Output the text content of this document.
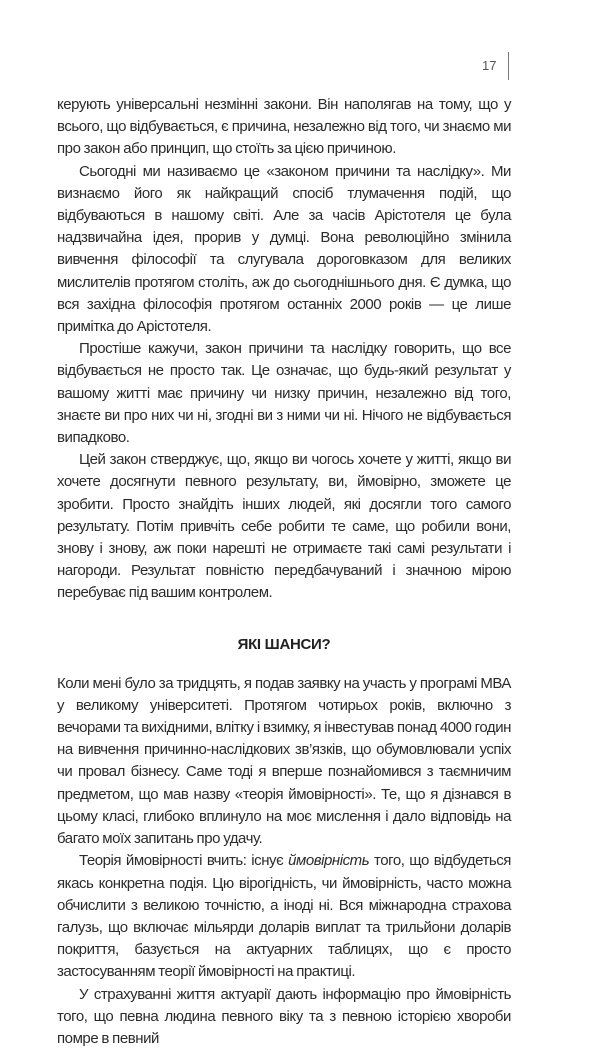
17

керують універсальні незмінні закони. Він наполягав на тому, що у всього, що відбувається, є причина, незалежно від того, чи знаємо ми про закон або принцип, що стоїть за цією причиною.

Сьогодні ми називаємо це «законом причини та наслідку». Ми визнаємо його як найкращий спосіб тлумачення подій, що відбуваються в нашому світі. Але за часів Арістотеля це була надзвичайна ідея, прорив у думці. Вона революційно змінила вивчення філософії та слугувала дороговказом для великих мислителів протягом століть, аж до сьогоднішнього дня. Є думка, що вся західна філософія протягом останніх 2000 років — це лише примітка до Арістотеля.

Простіше кажучи, закон причини та наслідку говорить, що все відбувається не просто так. Це означає, що будь-який результат у вашому житті має причину чи низку причин, незалежно від того, знаєте ви про них чи ні, згодні ви з ними чи ні. Нічого не відбувається випадково.

Цей закон стверджує, що, якщо ви чогось хочете у житті, якщо ви хочете досягнути певного результату, ви, ймовірно, зможете це зробити. Просто знайдіть інших людей, які досягли того самого результату. Потім привчіть себе робити те саме, що робили вони, знову і знову, аж поки нарешті не отримаєте такі самі результати і нагороди. Результат повністю передбачуваний і значною мірою перебуває під вашим контролем.

ЯКІ ШАНСИ?

Коли мені було за тридцять, я подав заявку на участь у програмі МВА у великому університеті. Протягом чотирьох років, включно з вечорами та вихідними, влітку і взимку, я інвестував понад 4000 годин на вивчення причинно-наслідкових зв’язків, що обумовлювали успіх чи провал бізнесу. Саме тоді я вперше познайомився з таємничим предметом, що мав назву «теорія ймовірності». Те, що я дізнався в цьому класі, глибоко вплинуло на моє мислення і дало відповідь на багато моїх запитань про удачу.

Теорія ймовірності вчить: існує ймовірність того, що відбудеться якась конкретна подія. Цю вірогідність, чи ймовірність, часто можна обчислити з великою точністю, а іноді ні. Вся міжнародна страхова галузь, що включає мільярди доларів виплат та трильйони доларів покриття, базується на актуарних таблицях, що є просто застосуванням теорії ймовірності на практиці.

У страхуванні життя актуарії дають інформацію про ймовірність того, що певна людина певного віку та з певною історією хвороби помре в певний
